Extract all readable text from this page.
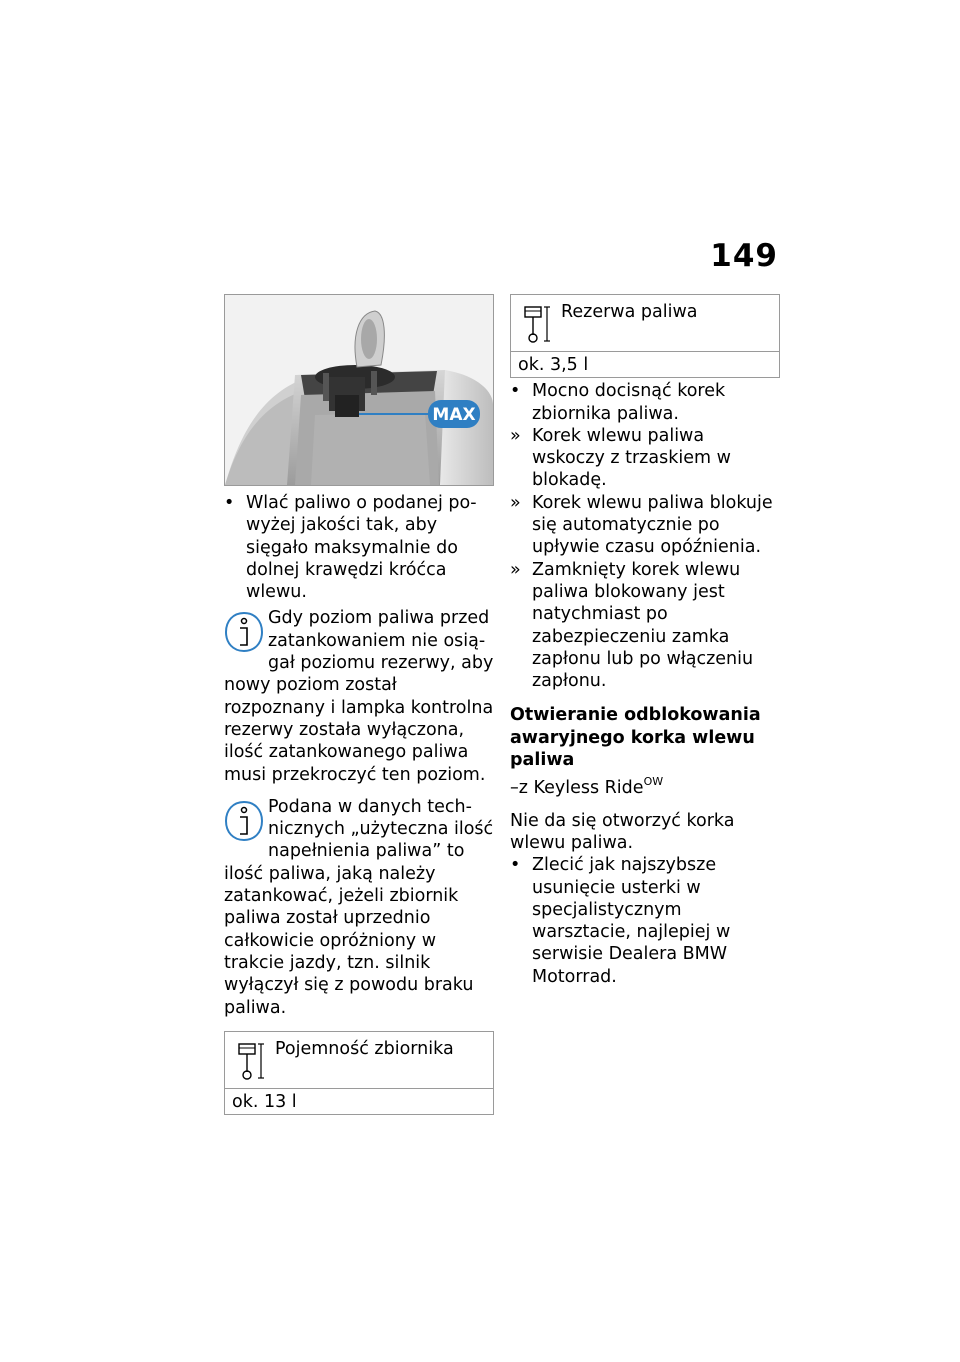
149
MAX

• Wlać paliwo o podanej powyżej jakości tak, aby sięgało maksymalnie do dolnej krawędzi króćca wlewu.

Gdy poziom paliwa przed zatankowaniem nie osiągał poziomu rezerwy, aby nowy poziom został rozpoznany i lampka kontrolna rezerwy została wyłączona, ilość zatankowanego paliwa musi przekroczyć ten poziom.
Podana w danych technicznych „użyteczna ilość napełnienia paliwa” to ilość paliwa, jaką należy zatankować, jeżeli zbiornik paliwa został uprzednio całkowicie opróżniony w trakcie jazdy, tzn. silnik wyłączył się z powodu braku paliwa.
Pojemność zbiornika
ok. 13 l
Rezerwa paliwa
ok. 3,5 l

• Mocno docisnąć korek zbiornika paliwa.

» Korek wlewu paliwa wskoczy z trzaskiem w blokadę.

» Korek wlewu paliwa blokuje się automatycznie po upływie czasu opóźnienia.

» Zamknięty korek wlewu paliwa blokowany jest natychmiast po zabezpieczeniu zamka zapłonu lub po włączeniu zapłonu.

Otwieranie odblokowania awaryjnego korka wlewu paliwa
–z Keyless Ride$^{OW}$

Nie da się otworzyć korka wlewu paliwa.

• Zlecić jak najszybsze usunięcie usterki w specjalistycznym warsztacie, najlepiej w serwisie Dealera BMW Motorrad.
